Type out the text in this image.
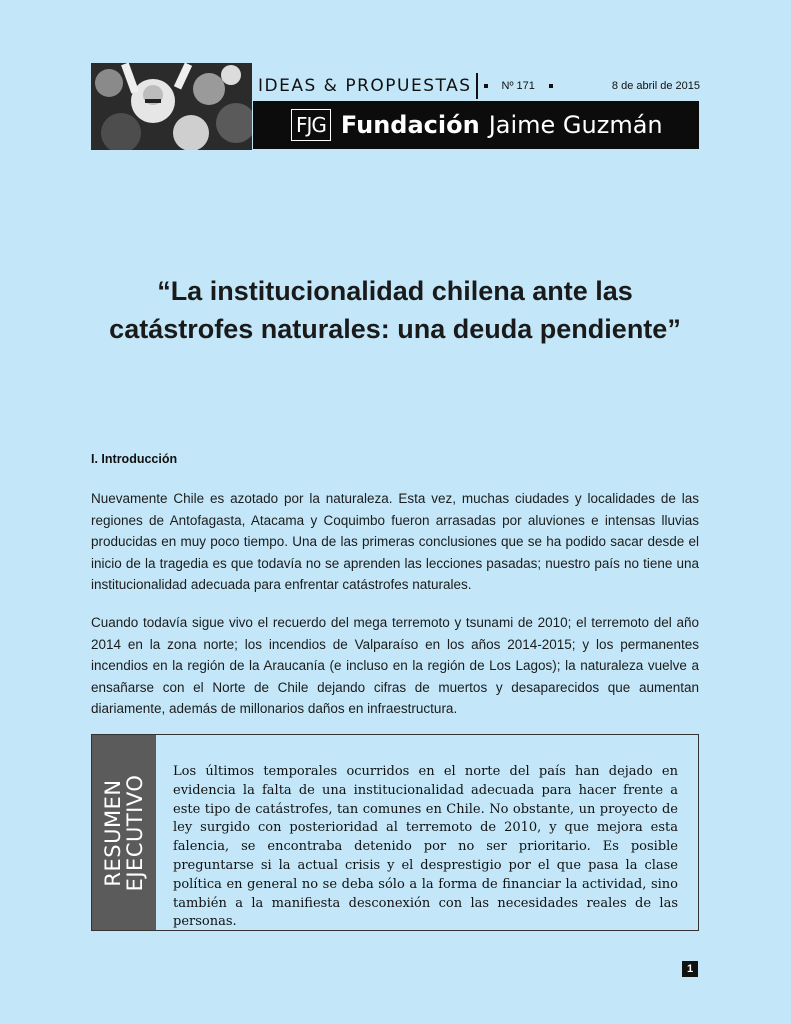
IDEAS & PROPUESTAS	Nº 171	8 de abril de 2015
FJG Fundación Jaime Guzmán
“La institucionalidad chilena ante las catástrofes naturales: una deuda pendiente”
I. Introducción
Nuevamente Chile es azotado por la naturaleza. Esta vez, muchas ciudades y localidades de las regiones de Antofagasta, Atacama y Coquimbo fueron arrasadas por aluviones e intensas lluvias producidas en muy poco tiempo. Una de las primeras conclusiones que se ha podido sacar desde el inicio de la tragedia es que todavía no se aprenden las lecciones pasadas; nuestro país no tiene una institucionalidad adecuada para enfrentar catástrofes naturales.
Cuando todavía sigue vivo el recuerdo del mega terremoto y tsunami de 2010; el terremoto del año 2014 en la zona norte; los incendios de Valparaíso en los años 2014-2015; y los permanentes incendios en la región de la Araucanía (e incluso en la región de Los Lagos); la naturaleza vuelve a ensañarse con el Norte de Chile dejando cifras de muertos y desaparecidos que aumentan diariamente, además de millonarios daños en infraestructura.
RESUMEN
EJECUTIVO
Los últimos temporales ocurridos en el norte del país han dejado en evidencia la falta de una institucionalidad adecuada para hacer frente a este tipo de catástrofes, tan comunes en Chile. No obstante, un proyecto de ley surgido con posterioridad al terremoto de 2010, y que mejora esta falencia, se encontraba detenido por no ser prioritario. Es posible preguntarse si la actual crisis y el desprestigio por el que pasa la clase política en general no se deba sólo a la forma de financiar la actividad, sino también a la manifiesta desconexión con las necesidades reales de las personas.
1
